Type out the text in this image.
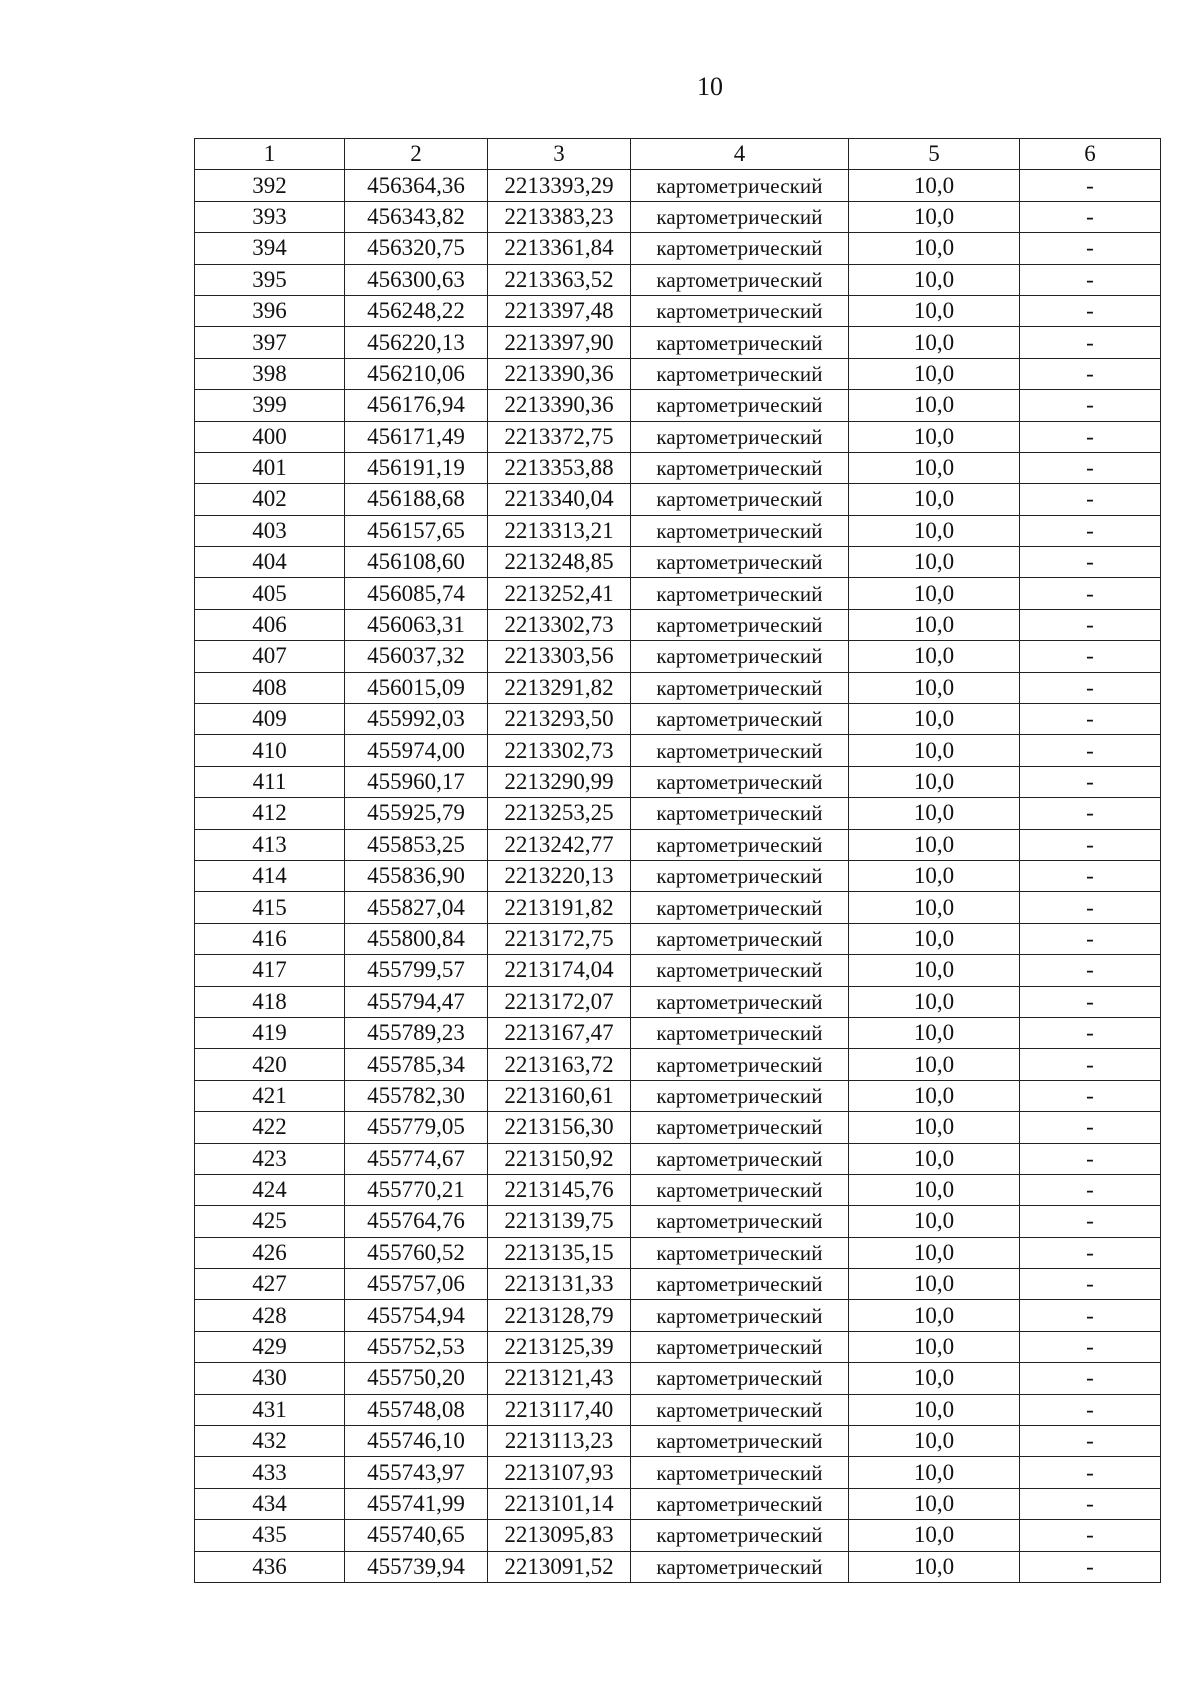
10
1	2	3	4	5	6
392	456364,36	2213393,29	картометрический	10,0	-
393	456343,82	2213383,23	картометрический	10,0	-
394	456320,75	2213361,84	картометрический	10,0	-
395	456300,63	2213363,52	картометрический	10,0	-
396	456248,22	2213397,48	картометрический	10,0	-
397	456220,13	2213397,90	картометрический	10,0	-
398	456210,06	2213390,36	картометрический	10,0	-
399	456176,94	2213390,36	картометрический	10,0	-
400	456171,49	2213372,75	картометрический	10,0	-
401	456191,19	2213353,88	картометрический	10,0	-
402	456188,68	2213340,04	картометрический	10,0	-
403	456157,65	2213313,21	картометрический	10,0	-
404	456108,60	2213248,85	картометрический	10,0	-
405	456085,74	2213252,41	картометрический	10,0	-
406	456063,31	2213302,73	картометрический	10,0	-
407	456037,32	2213303,56	картометрический	10,0	-
408	456015,09	2213291,82	картометрический	10,0	-
409	455992,03	2213293,50	картометрический	10,0	-
410	455974,00	2213302,73	картометрический	10,0	-
411	455960,17	2213290,99	картометрический	10,0	-
412	455925,79	2213253,25	картометрический	10,0	-
413	455853,25	2213242,77	картометрический	10,0	-
414	455836,90	2213220,13	картометрический	10,0	-
415	455827,04	2213191,82	картометрический	10,0	-
416	455800,84	2213172,75	картометрический	10,0	-
417	455799,57	2213174,04	картометрический	10,0	-
418	455794,47	2213172,07	картометрический	10,0	-
419	455789,23	2213167,47	картометрический	10,0	-
420	455785,34	2213163,72	картометрический	10,0	-
421	455782,30	2213160,61	картометрический	10,0	-
422	455779,05	2213156,30	картометрический	10,0	-
423	455774,67	2213150,92	картометрический	10,0	-
424	455770,21	2213145,76	картометрический	10,0	-
425	455764,76	2213139,75	картометрический	10,0	-
426	455760,52	2213135,15	картометрический	10,0	-
427	455757,06	2213131,33	картометрический	10,0	-
428	455754,94	2213128,79	картометрический	10,0	-
429	455752,53	2213125,39	картометрический	10,0	-
430	455750,20	2213121,43	картометрический	10,0	-
431	455748,08	2213117,40	картометрический	10,0	-
432	455746,10	2213113,23	картометрический	10,0	-
433	455743,97	2213107,93	картометрический	10,0	-
434	455741,99	2213101,14	картометрический	10,0	-
435	455740,65	2213095,83	картометрический	10,0	-
436	455739,94	2213091,52	картометрический	10,0	-
